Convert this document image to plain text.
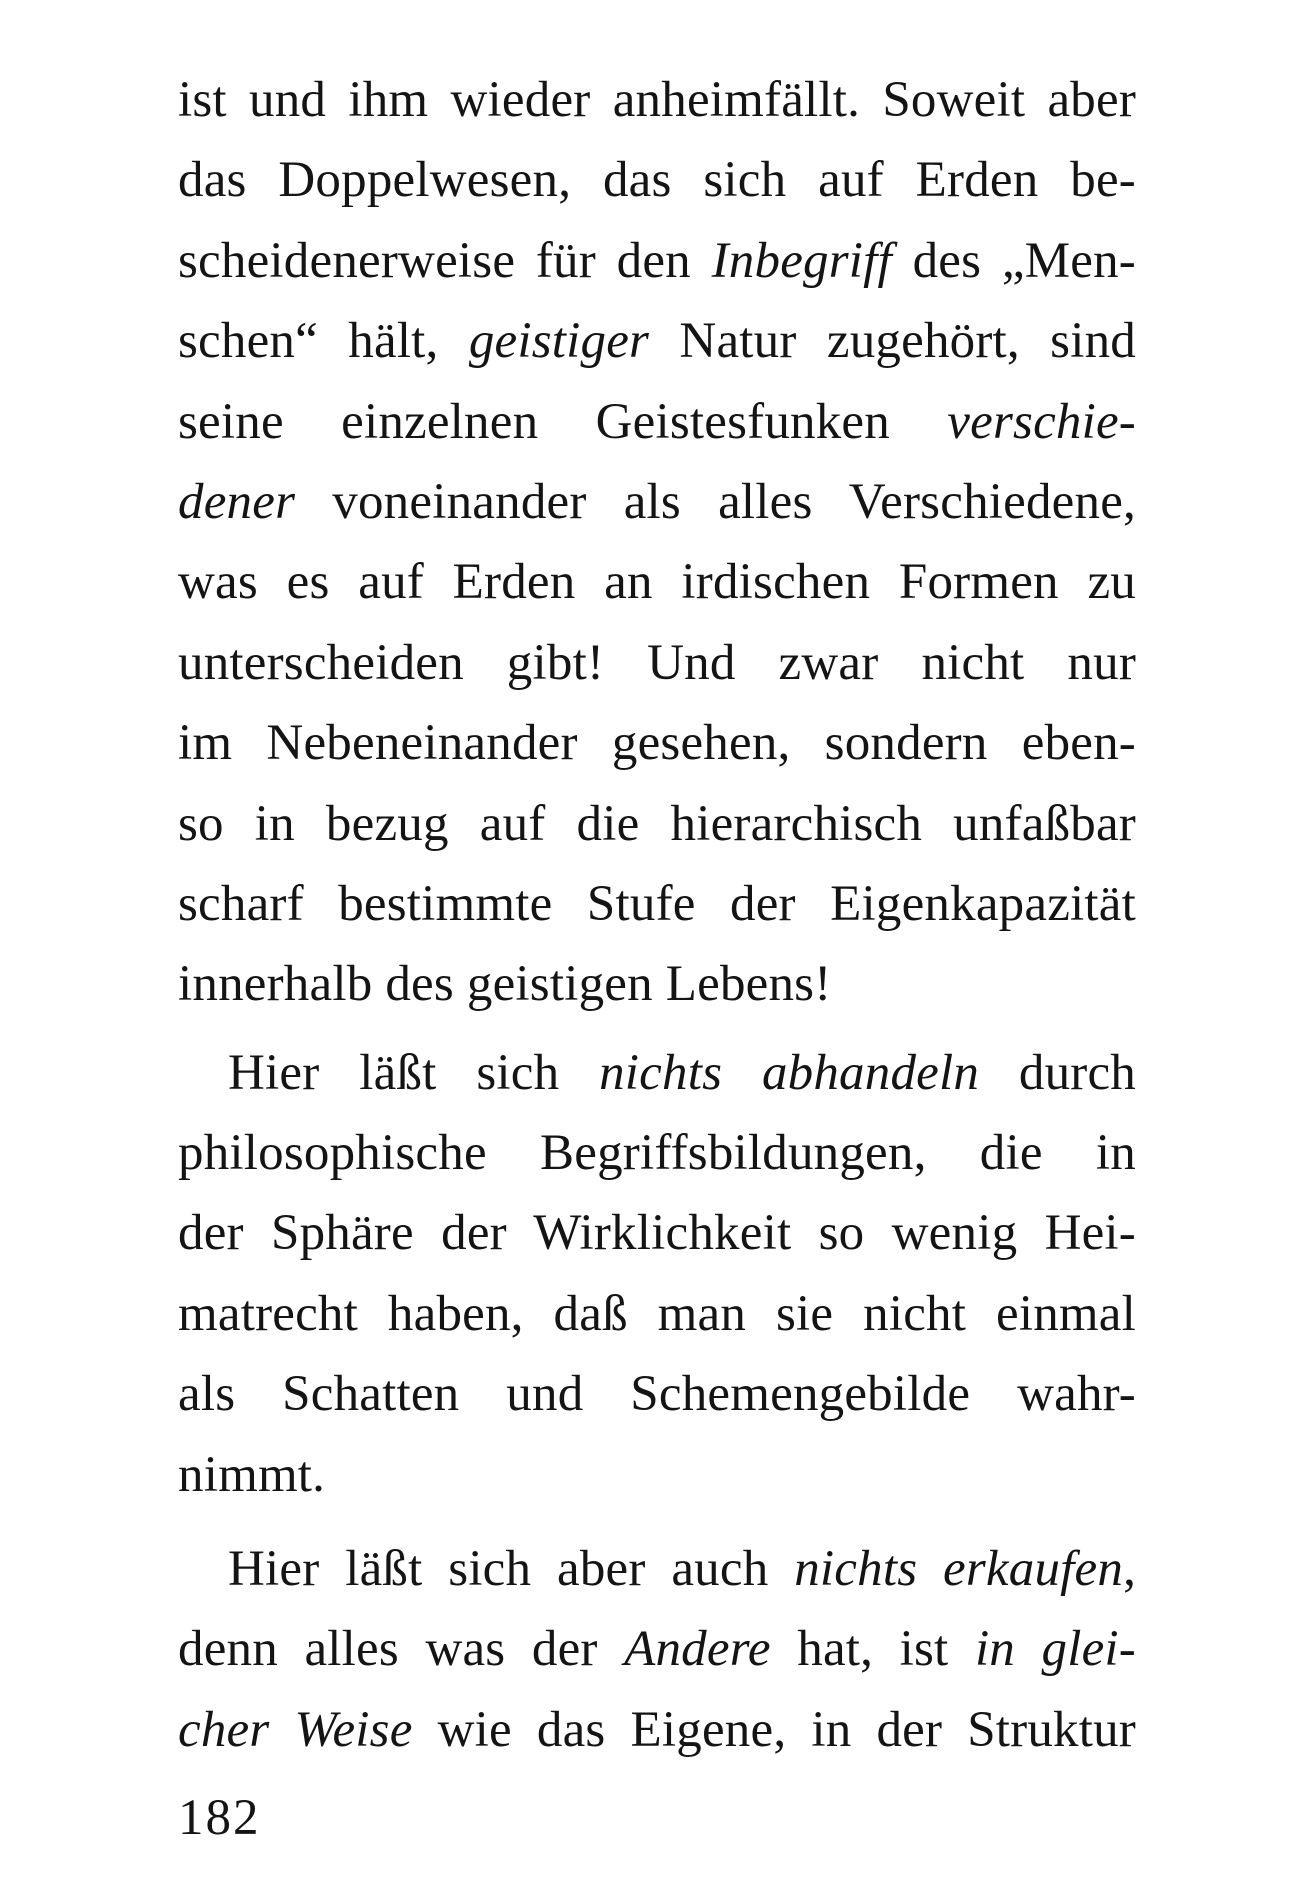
ist und ihm wieder anheimfällt. Soweit aber
das Doppelwesen, das sich auf Erden be-
scheidenerweise für den Inbegriff des „Men-
schen“ hält, geistiger Natur zugehört, sind
seine einzelnen Geistesfunken verschie-
dener voneinander als alles Verschiedene,
was es auf Erden an irdischen Formen zu
unterscheiden gibt! Und zwar nicht nur
im Nebeneinander gesehen, sondern eben-
so in bezug auf die hierarchisch unfaßbar
scharf bestimmte Stufe der Eigenkapazität
innerhalb des geistigen Lebens!
Hier läßt sich nichts abhandeln durch
philosophische Begriffsbildungen, die in
der Sphäre der Wirklichkeit so wenig Hei-
matrecht haben, daß man sie nicht einmal
als Schatten und Schemengebilde wahr-
nimmt.
Hier läßt sich aber auch nichts erkaufen,
denn alles was der Andere hat, ist in glei-
cher Weise wie das Eigene, in der Struktur
182
